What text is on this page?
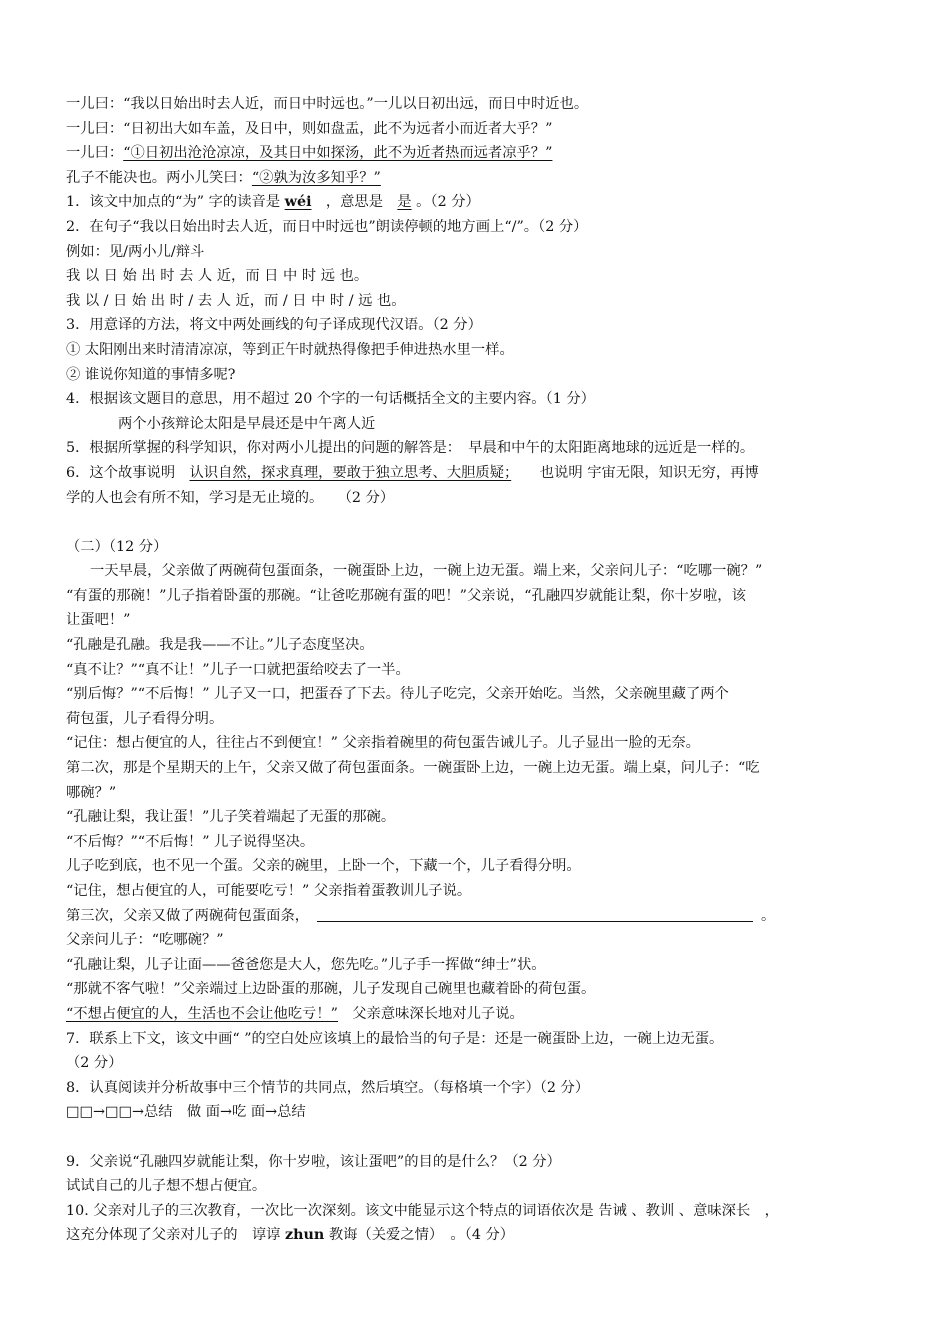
一儿曰：“我以日始出时去人近，而日中时远也。”一儿以日初出远，而日中时近也。
一儿曰：“日初出大如车盖，及日中，则如盘盂，此不为远者小而近者大乎？”
一儿曰：“①日初出沧沧凉凉，及其日中如探汤，此不为近者热而远者凉乎？”
孔子不能决也。两小儿笑曰：“②孰为汝多知乎？”
1．该文中加点的“为” 字的读音是 wéi　 ，意思是　 是 。（2 分）
2．在句子“我以日始出时去人近，而日中时远也”朗读停顿的地方画上“/”。（2 分）
例如：见/两小儿/辩斗
我 以 日 始 出 时 去 人 近，而 日 中 时 远 也。
我 以 / 日 始 出 时 / 去 人 近，而 / 日 中 时 / 远 也。
3．用意译的方法，将文中两处画线的句子译成现代汉语。（2 分）
① 太阳刚出来时清清凉凉，等到正午时就热得像把手伸进热水里一样。
② 谁说你知道的事情多呢?
4．根据该文题目的意思，用不超过 20 个字的一句话概括全文的主要内容。（1 分）
两个小孩辩论太阳是早晨还是中午离人近
5．根据所掌握的科学知识，你对两小儿提出的问题的解答是：　早晨和中午的太阳距离地球的远近是一样的。
6．这个故事说明　 认识自然，探求真理，要敢于独立思考、大胆质疑；　　 也说明 宇宙无限，知识无穷，再博
学的人也会有所不知，学习是无止境的。　　（2 分）
（二）（12 分）
一天早晨，父亲做了两碗荷包蛋面条，一碗蛋卧上边，一碗上边无蛋。端上来，父亲问儿子：“吃哪一碗？”
“有蛋的那碗！”儿子指着卧蛋的那碗。“让爸吃那碗有蛋的吧！”父亲说，“孔融四岁就能让梨，你十岁啦，该
让蛋吧！”
“孔融是孔融。我是我——不让。”儿子态度坚决。
“真不让？”“真不让！”儿子一口就把蛋给咬去了一半。
“别后悔？”“不后悔！” 儿子又一口，把蛋吞了下去。待儿子吃完，父亲开始吃。当然，父亲碗里藏了两个
荷包蛋，儿子看得分明。
“记住：想占便宜的人，往往占不到便宜！” 父亲指着碗里的荷包蛋告诫儿子。儿子显出一脸的无奈。
第二次，那是个星期天的上午，父亲又做了荷包蛋面条。一碗蛋卧上边，一碗上边无蛋。端上桌，问儿子：“吃
哪碗？”
“孔融让梨，我让蛋！”儿子笑着端起了无蛋的那碗。
“不后悔？”“不后悔！” 儿子说得坚决。
儿子吃到底，也不见一个蛋。父亲的碗里，上卧一个，下藏一个，儿子看得分明。
“记住，想占便宜的人，可能要吃亏！” 父亲指着蛋教训儿子说。
第三次，父亲又做了两碗荷包蛋面条，	。
父亲问儿子：“吃哪碗？”
“孔融让梨，儿子让面——爸爸您是大人，您先吃。”儿子手一挥做“绅士”状。
“那就不客气啦！”父亲端过上边卧蛋的那碗，儿子发现自己碗里也藏着卧的荷包蛋。
“不想占便宜的人，生活也不会让他吃亏！”　 父亲意味深长地对儿子说。
7．联系上下文，该文中画“ ”的空白处应该填上的最恰当的句子是：还是一碗蛋卧上边，一碗上边无蛋。
（2 分）
8．认真阅读并分析故事中三个情节的共同点，然后填空。（每格填一个字）（2 分）
□□→□□→总结　做 面→吃 面→总结
9．父亲说“孔融四岁就能让梨，你十岁啦，该让蛋吧”的目的是什么？（2 分）
试试自己的儿子想不想占便宜。
10. 父亲对儿子的三次教育，一次比一次深刻。该文中能显示这个特点的词语依次是 告诫 、教训 、意味深长　，
这充分体现了父亲对儿子的　谆谆 zhun 教诲（关爱之情）　。（4 分）
